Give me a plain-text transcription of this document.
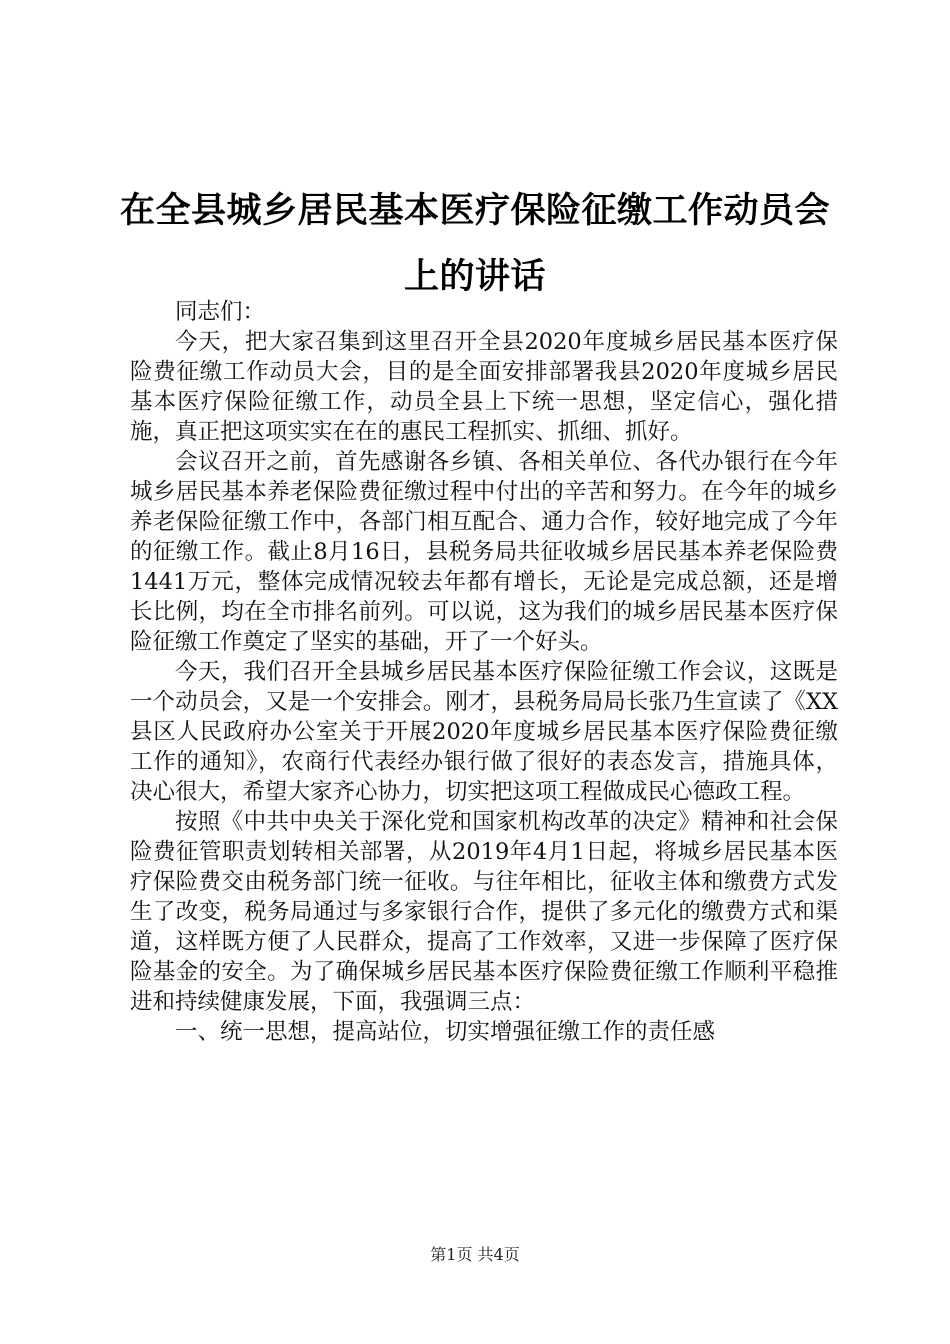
在全县城乡居民基本医疗保险征缴工作动员会上的讲话

同志们：

今天，把大家召集到这里召开全县2020年度城乡居民基本医疗保险费征缴工作动员大会，目的是全面安排部署我县2020年度城乡居民基本医疗保险征缴工作，动员全县上下统一思想，坚定信心，强化措施，真正把这项实实在在的惠民工程抓实、抓细、抓好。

会议召开之前，首先感谢各乡镇、各相关单位、各代办银行在今年城乡居民基本养老保险费征缴过程中付出的辛苦和努力。在今年的城乡养老保险征缴工作中，各部门相互配合、通力合作，较好地完成了今年的征缴工作。截止8月16日，县税务局共征收城乡居民基本养老保险费1441万元，整体完成情况较去年都有增长，无论是完成总额，还是增长比例，均在全市排名前列。可以说，这为我们的城乡居民基本医疗保险征缴工作奠定了坚实的基础，开了一个好头。

今天，我们召开全县城乡居民基本医疗保险征缴工作会议，这既是一个动员会，又是一个安排会。刚才，县税务局局长张乃生宣读了《XX县区人民政府办公室关于开展2020年度城乡居民基本医疗保险费征缴工作的通知》，农商行代表经办银行做了很好的表态发言，措施具体，决心很大，希望大家齐心协力，切实把这项工程做成民心德政工程。

按照《中共中央关于深化党和国家机构改革的决定》精神和社会保险费征管职责划转相关部署，从2019年4月1日起，将城乡居民基本医疗保险费交由税务部门统一征收。与往年相比，征收主体和缴费方式发生了改变，税务局通过与多家银行合作，提供了多元化的缴费方式和渠道，这样既方便了人民群众，提高了工作效率，又进一步保障了医疗保险基金的安全。为了确保城乡居民基本医疗保险费征缴工作顺利平稳推进和持续健康发展，下面，我强调三点：

一、统一思想，提高站位，切实增强征缴工作的责任感

第1页 共4页
